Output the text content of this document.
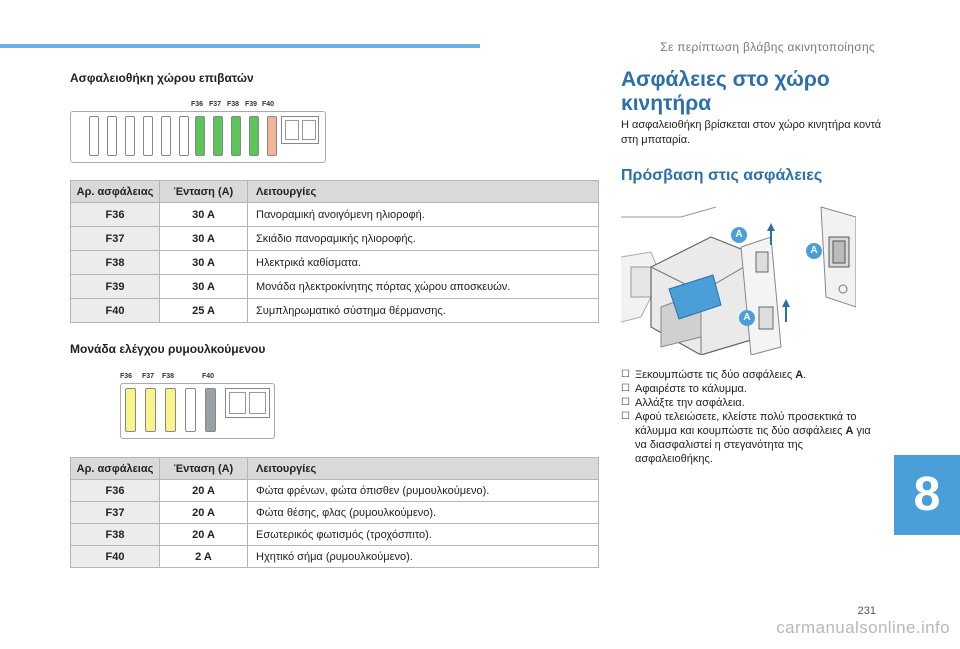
Σε περίπτωση βλάβης ακινητοποίησης
Ασφαλειοθήκη χώρου επιβατών
F36 F37 F38 F39 F40
Αρ. ασφάλειας	Ένταση (A)	Λειτουργίες
F36	30 A	Πανοραμική ανοιγόμενη ηλιοροφή.
F37	30 A	Σκιάδιο πανοραμικής ηλιοροφής.
F38	30 A	Ηλεκτρικά καθίσματα.
F39	30 A	Μονάδα ηλεκτροκίνητης πόρτας χώρου αποσκευών.
F40	25 A	Συμπληρωματικό σύστημα θέρμανσης.
Μονάδα ελέγχου ρυμουλκούμενου
F36 F37 F38	F40
Αρ. ασφάλειας	Ένταση (A)	Λειτουργίες
F36	20 A	Φώτα φρένων, φώτα όπισθεν (ρυμουλκούμενο).
F37	20 A	Φώτα θέσης, φλας (ρυμουλκούμενο).
F38	20 A	Εσωτερικός φωτισμός (τροχόσπιτο).
F40	2 A	Ηχητικό σήμα (ρυμουλκούμενο).
Ασφάλειες στο χώρο κινητήρα
Η ασφαλειοθήκη βρίσκεται στον χώρο κινητήρα κοντά στη μπαταρία.
Πρόσβαση στις ασφάλειες
A
A
A
☐ Ξεκουμπώστε τις δύο ασφάλειες A.
☐ Αφαιρέστε το κάλυμμα.
☐ Αλλάξτε την ασφάλεια.
☐ Αφού τελειώσετε, κλείστε πολύ προσεκτικά το κάλυμμα και κουμπώστε τις δύο ασφάλειες A για να διασφαλιστεί η στεγανότητα της ασφαλειοθήκης.
8
231
carmanualsonline.info
